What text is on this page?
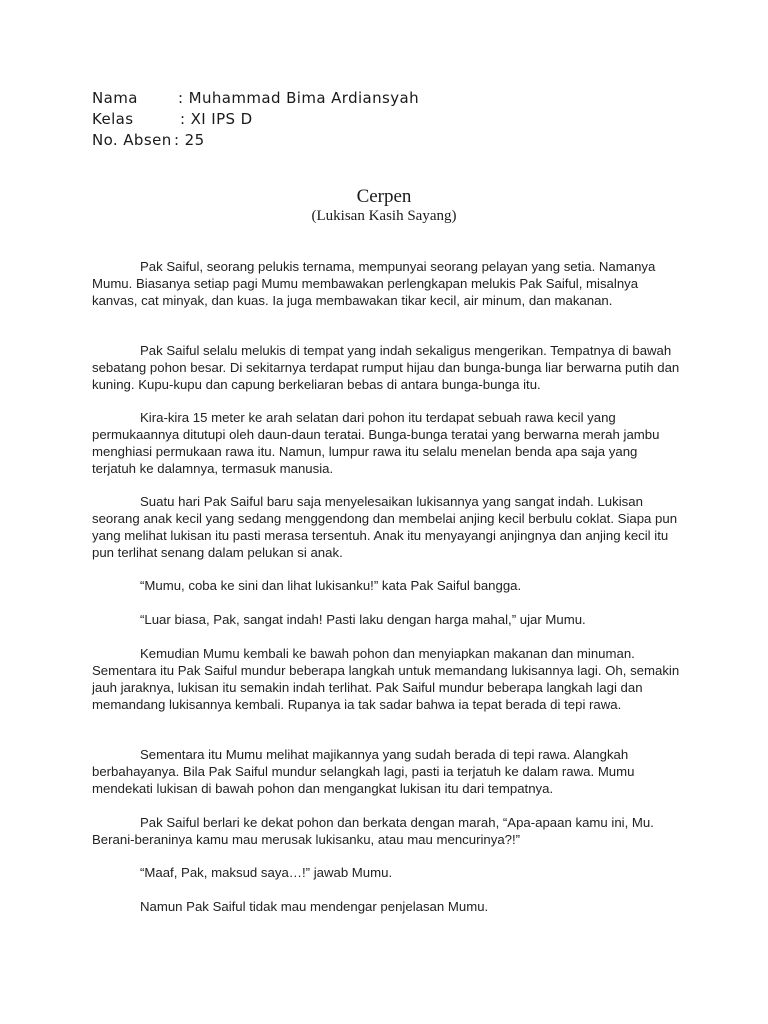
Nama	: Muhammad Bima Ardiansyah
Kelas	: XI IPS D
No. Absen : 25
Cerpen
(Lukisan Kasih Sayang)

Pak Saiful, seorang pelukis ternama, mempunyai seorang pelayan yang setia. Namanya Mumu. Biasanya setiap pagi Mumu membawakan perlengkapan melukis Pak Saiful, misalnya kanvas, cat minyak, dan kuas. Ia juga membawakan tikar kecil, air minum, dan makanan.

Pak Saiful selalu melukis di tempat yang indah sekaligus mengerikan. Tempatnya di bawah sebatang pohon besar. Di sekitarnya terdapat rumput hijau dan bunga-bunga liar berwarna putih dan kuning. Kupu-kupu dan capung berkeliaran bebas di antara bunga-bunga itu.

Kira-kira 15 meter ke arah selatan dari pohon itu terdapat sebuah rawa kecil yang permukaannya ditutupi oleh daun-daun teratai. Bunga-bunga teratai yang berwarna merah jambu menghiasi permukaan rawa itu. Namun, lumpur rawa itu selalu menelan benda apa saja yang terjatuh ke dalamnya, termasuk manusia.

Suatu hari Pak Saiful baru saja menyelesaikan lukisannya yang sangat indah. Lukisan seorang anak kecil yang sedang menggendong dan membelai anjing kecil berbulu coklat. Siapa pun yang melihat lukisan itu pasti merasa tersentuh. Anak itu menyayangi anjingnya dan anjing kecil itu pun terlihat senang dalam pelukan si anak.

“Mumu, coba ke sini dan lihat lukisanku!” kata Pak Saiful bangga.

“Luar biasa, Pak, sangat indah! Pasti laku dengan harga mahal,” ujar Mumu.

Kemudian Mumu kembali ke bawah pohon dan menyiapkan makanan dan minuman. Sementara itu Pak Saiful mundur beberapa langkah untuk memandang lukisannya lagi. Oh, semakin jauh jaraknya, lukisan itu semakin indah terlihat. Pak Saiful mundur beberapa langkah lagi dan memandang lukisannya kembali. Rupanya ia tak sadar bahwa ia tepat berada di tepi rawa.

Sementara itu Mumu melihat majikannya yang sudah berada di tepi rawa. Alangkah berbahayanya. Bila Pak Saiful mundur selangkah lagi, pasti ia terjatuh ke dalam rawa. Mumu mendekati lukisan di bawah pohon dan mengangkat lukisan itu dari tempatnya.

Pak Saiful berlari ke dekat pohon dan berkata dengan marah, “Apa-apaan kamu ini, Mu. Berani-beraninya kamu mau merusak lukisanku, atau mau mencurinya?!”

“Maaf, Pak, maksud saya…!” jawab Mumu.

Namun Pak Saiful tidak mau mendengar penjelasan Mumu.
